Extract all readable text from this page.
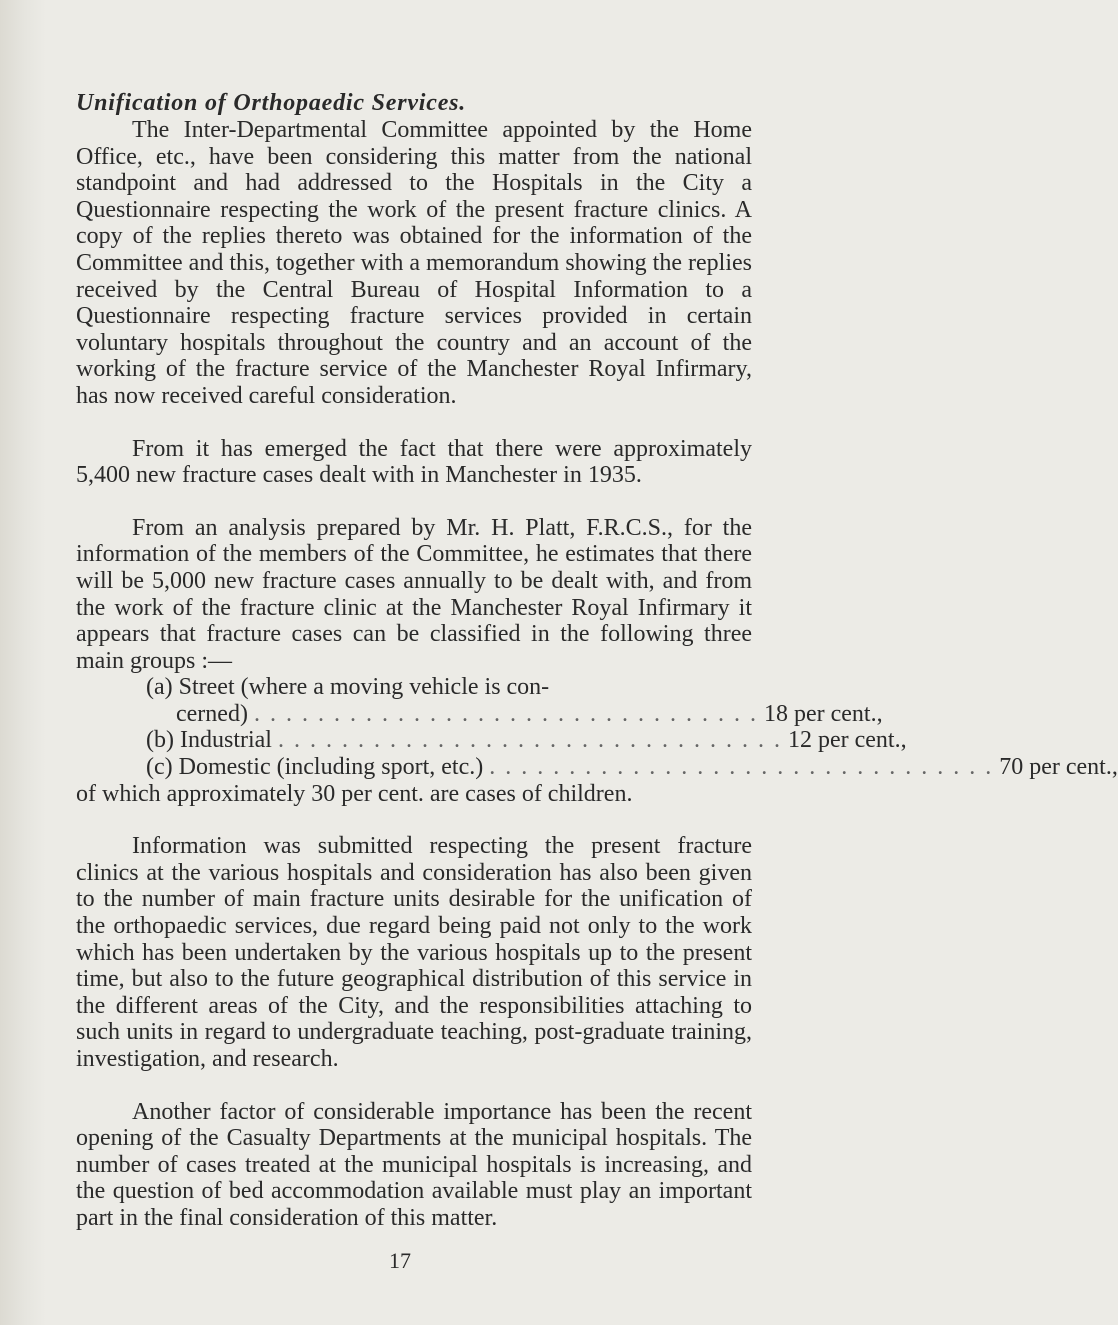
Unification of Orthopaedic Services.

The Inter-Departmental Committee appointed by the Home Office, etc., have been considering this matter from the national standpoint and had addressed to the Hospitals in the City a Questionnaire respecting the work of the present fracture clinics. A copy of the replies thereto was obtained for the information of the Committee and this, together with a memorandum showing the replies received by the Central Bureau of Hospital Information to a Questionnaire respecting fracture services provided in certain voluntary hospitals throughout the country and an account of the working of the fracture service of the Manchester Royal Infirmary, has now received careful consideration.

From it has emerged the fact that there were approximately 5,400 new fracture cases dealt with in Manchester in 1935.

From an analysis prepared by Mr. H. Platt, F.R.C.S., for the information of the members of the Committee, he estimates that there will be 5,000 new fracture cases annually to be dealt with, and from the work of the fracture clinic at the Manchester Royal Infirmary it appears that fracture cases can be classified in the following three main groups :—

(a) Street (where a moving vehicle is con-
cerned) . . . . . . . . . . . . . . . . . . . . . . . . . . . . . . . . 18 per cent.,
(b) Industrial . . . . . . . . . . . . . . . . . . . . . . . . . . . . . . . . 12 per cent.,
(c) Domestic (including sport, etc.) . . . . . . . . . . . . . . . . . . . . . . . . . . . . . . . . 70 per cent.,

of which approximately 30 per cent. are cases of children.

Information was submitted respecting the present fracture clinics at the various hospitals and consideration has also been given to the number of main fracture units desirable for the unification of the orthopaedic services, due regard being paid not only to the work which has been undertaken by the various hospitals up to the present time, but also to the future geographical distribution of this service in the different areas of the City, and the responsibilities attaching to such units in regard to undergraduate teaching, post-graduate training, investigation, and research.

Another factor of considerable importance has been the recent opening of the Casualty Departments at the municipal hospitals. The number of cases treated at the municipal hospitals is increasing, and the question of bed accommodation available must play an important part in the final consideration of this matter.

17
